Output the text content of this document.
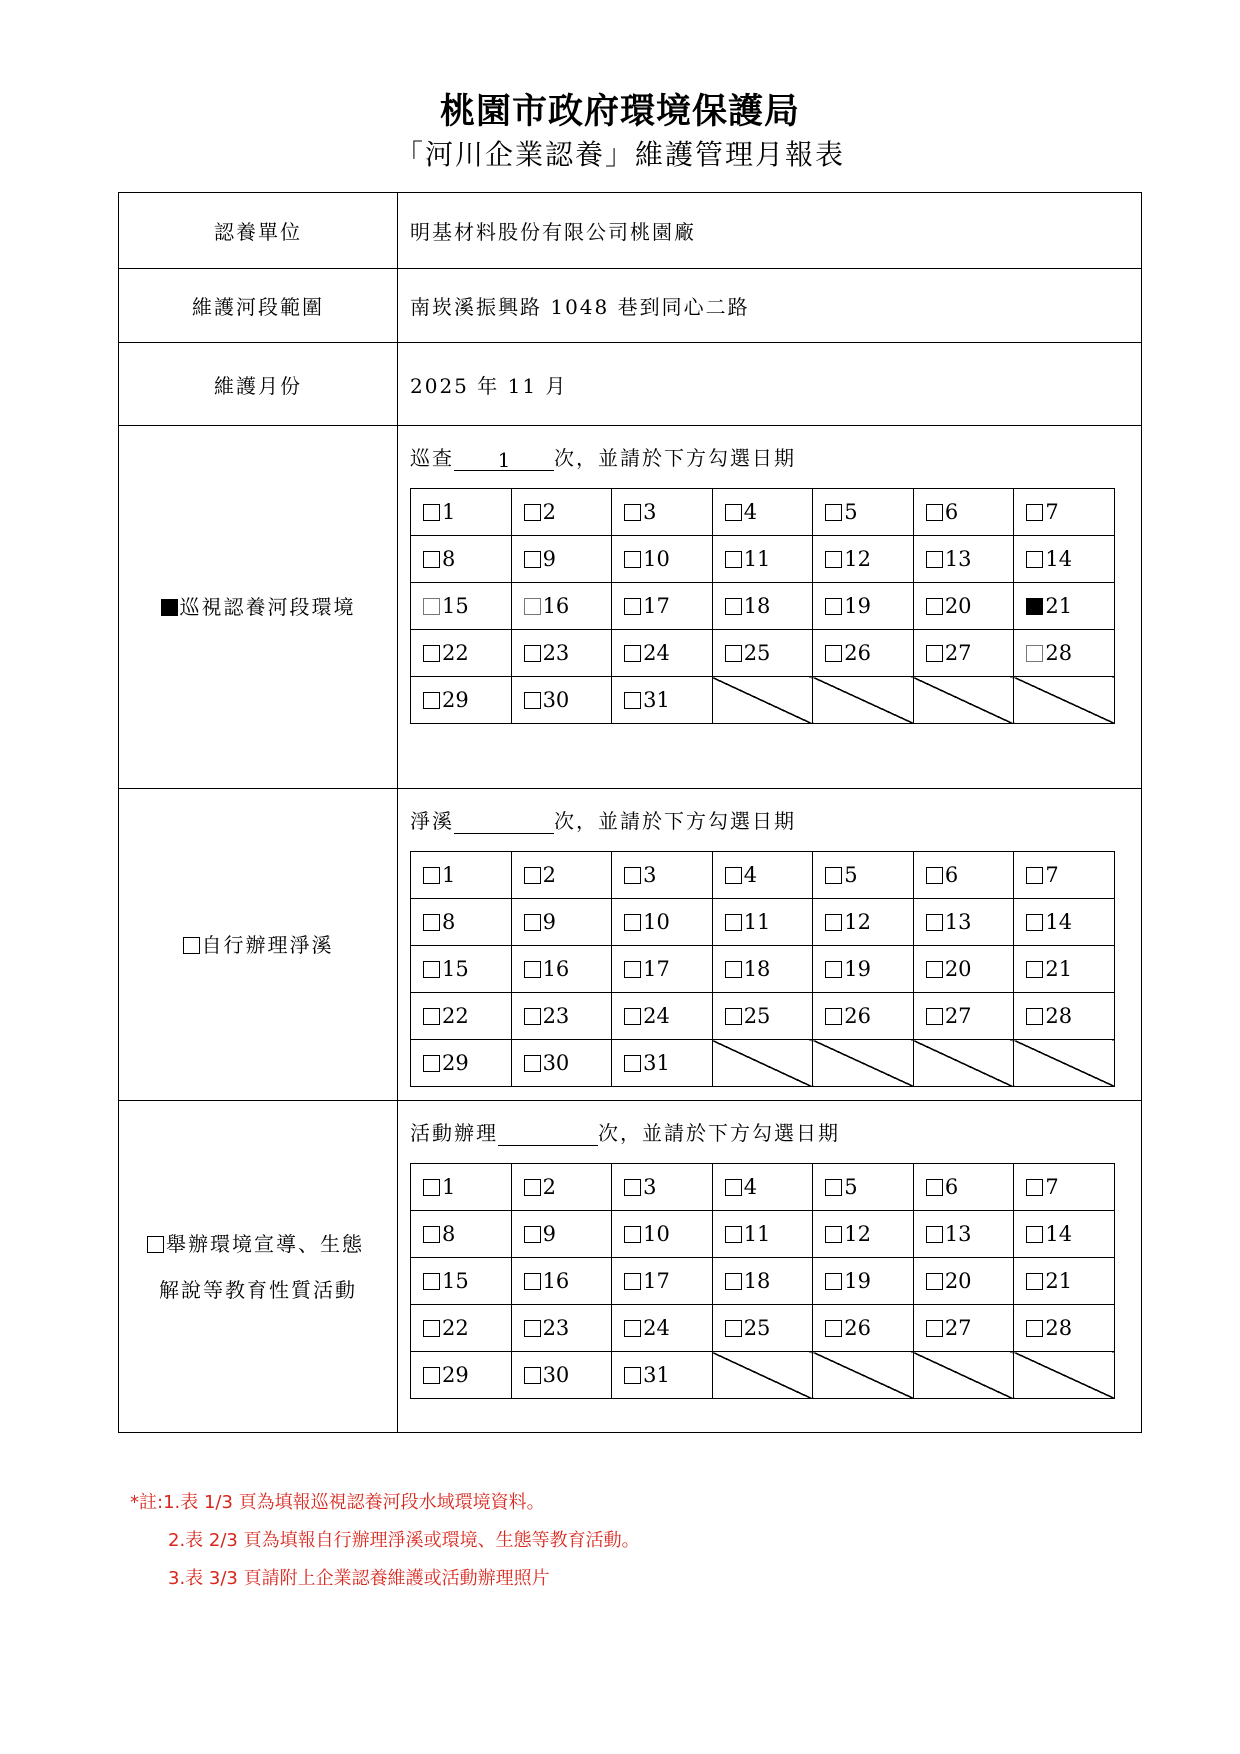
桃園市政府環境保護局
「河川企業認養」維護管理月報表
認養單位	明基材料股份有限公司桃園廠
維護河段範圍	南崁溪振興路 1048 巷到同心二路
維護月份	2025 年 11 月

巡視認養河段環境

巡查 1 次，並請於下方勾選日期
1	2	3	4	5	6	7
8	9	10	11	12	13	14
15	16	17	18	19	20	21
22	23	24	25	26	27	28
29	30	31				

自行辦理淨溪

淨溪	次，並請於下方勾選日期
1	2	3	4	5	6	7
8	9	10	11	12	13	14
15	16	17	18	19	20	21
22	23	24	25	26	27	28
29	30	31				

舉辦環境宣導、生態
解說等教育性質活動

活動辦理	次，並請於下方勾選日期
1	2	3	4	5	6	7
8	9	10	11	12	13	14
15	16	17	18	19	20	21
22	23	24	25	26	27	28
29	30	31				
*註:1.表 1/3 頁為填報巡視認養河段水域環境資料。
2.表 2/3 頁為填報自行辦理淨溪或環境、生態等教育活動。
3.表 3/3 頁請附上企業認養維護或活動辦理照片
